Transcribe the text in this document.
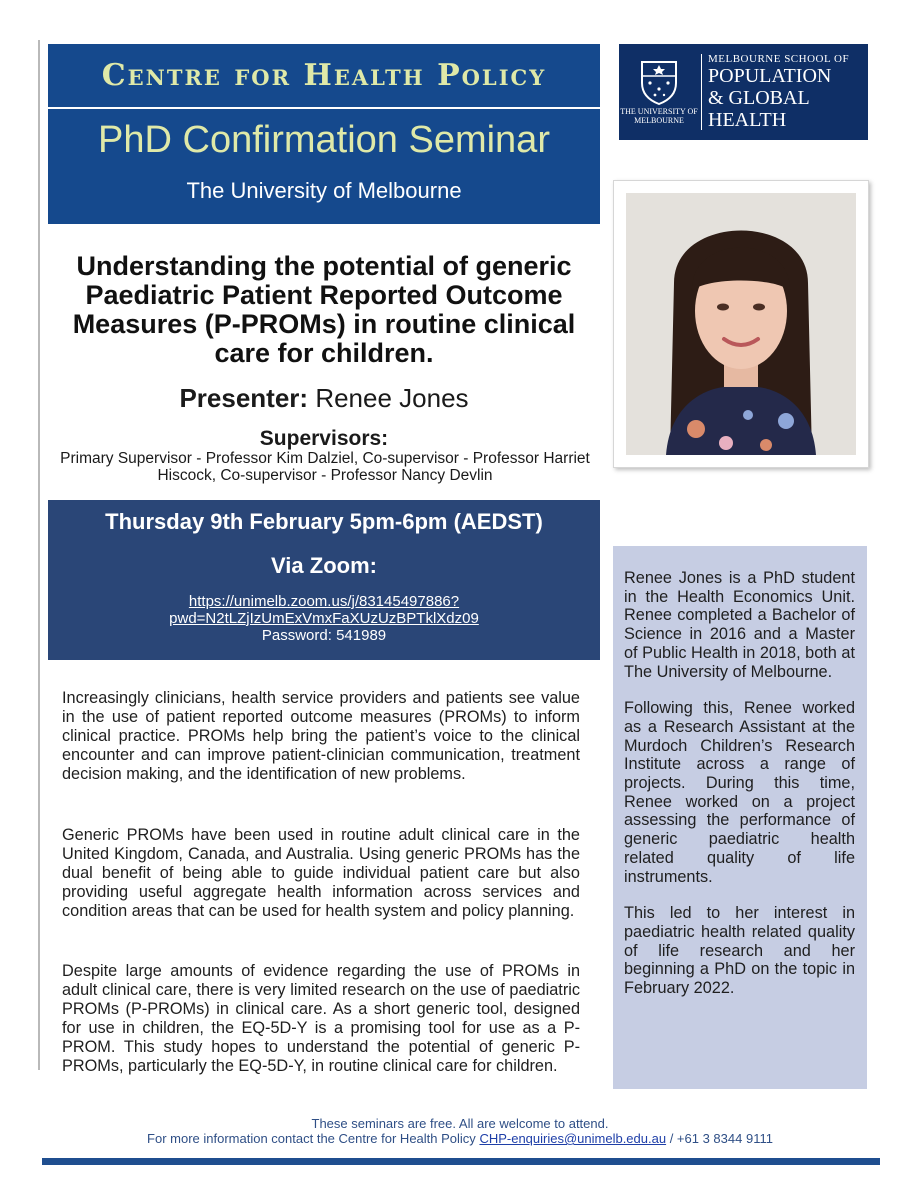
Centre for Health Policy
PhD Confirmation Seminar
The University of Melbourne
THE UNIVERSITY OF
MELBOURNE
MELBOURNE SCHOOL OF
POPULATION
& GLOBAL
HEALTH
Understanding the potential of generic Paediatric Patient Reported Outcome Measures (P-PROMs) in routine clinical care for children.
Presenter: Renee Jones
Supervisors:
Primary Supervisor - Professor Kim Dalziel, Co-supervisor - Professor Harriet Hiscock, Co-supervisor - Professor Nancy Devlin
Thursday 9th February 5pm-6pm (AEDST)
Via Zoom:
https://unimelb.zoom.us/j/83145497886?
pwd=N2tLZjIzUmExVmxFaXUzUzBPTklXdz09
Password: 541989
Increasingly clinicians, health service providers and patients see value in the use of patient reported outcome measures (PROMs) to inform clinical practice. PROMs help bring the patient’s voice to the clinical encounter and can improve patient-clinician communication, treatment decision making, and the identification of new problems.
Generic PROMs have been used in routine adult clinical care in the United Kingdom, Canada, and Australia. Using generic PROMs has the dual benefit of being able to guide individual patient care but also providing useful aggregate health information across services and condition areas that can be used for health system and policy planning.
Despite large amounts of evidence regarding the use of PROMs in adult clinical care, there is very limited research on the use of paediatric PROMs (P-PROMs) in clinical care. As a short generic tool, designed for use in children, the EQ-5D-Y is a promising tool for use as a P-PROM. This study hopes to understand the potential of generic P-PROMs, particularly the EQ-5D-Y, in routine clinical care for children.

Renee Jones is a PhD student in the Health Economics Unit. Renee completed a Bachelor of Science in 2016 and a Master of Public Health in 2018, both at The University of Melbourne.

Following this, Renee worked as a Research Assistant at the Murdoch Children’s Research Institute across a range of projects. During this time, Renee worked on a project assessing the performance of generic paediatric health related quality of life instruments.

This led to her interest in paediatric health related quality of life research and her beginning a PhD on the topic in February 2022.

These seminars are free. All are welcome to attend.
For more information contact the Centre for Health Policy CHP-enquiries@unimelb.edu.au / +61 3 8344 9111
